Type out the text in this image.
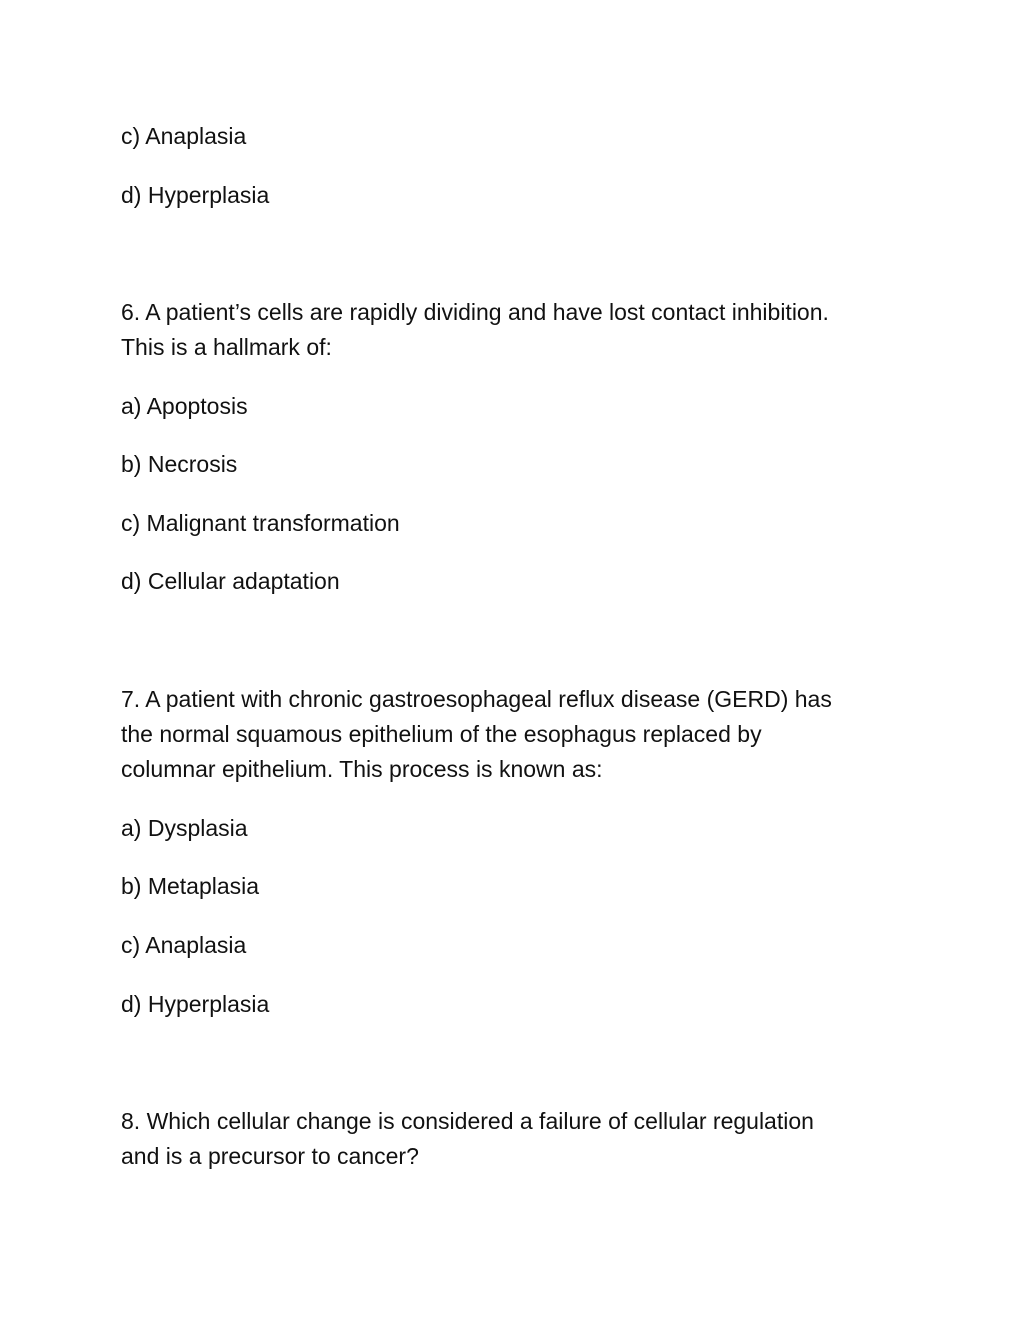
c) Anaplasia
d) Hyperplasia
6. A patient’s cells are rapidly dividing and have lost contact inhibition.
This is a hallmark of:
a) Apoptosis
b) Necrosis
c) Malignant transformation
d) Cellular adaptation
7. A patient with chronic gastroesophageal reflux disease (GERD) has
the normal squamous epithelium of the esophagus replaced by
columnar epithelium. This process is known as:
a) Dysplasia
b) Metaplasia
c) Anaplasia
d) Hyperplasia
8. Which cellular change is considered a failure of cellular regulation
and is a precursor to cancer?
